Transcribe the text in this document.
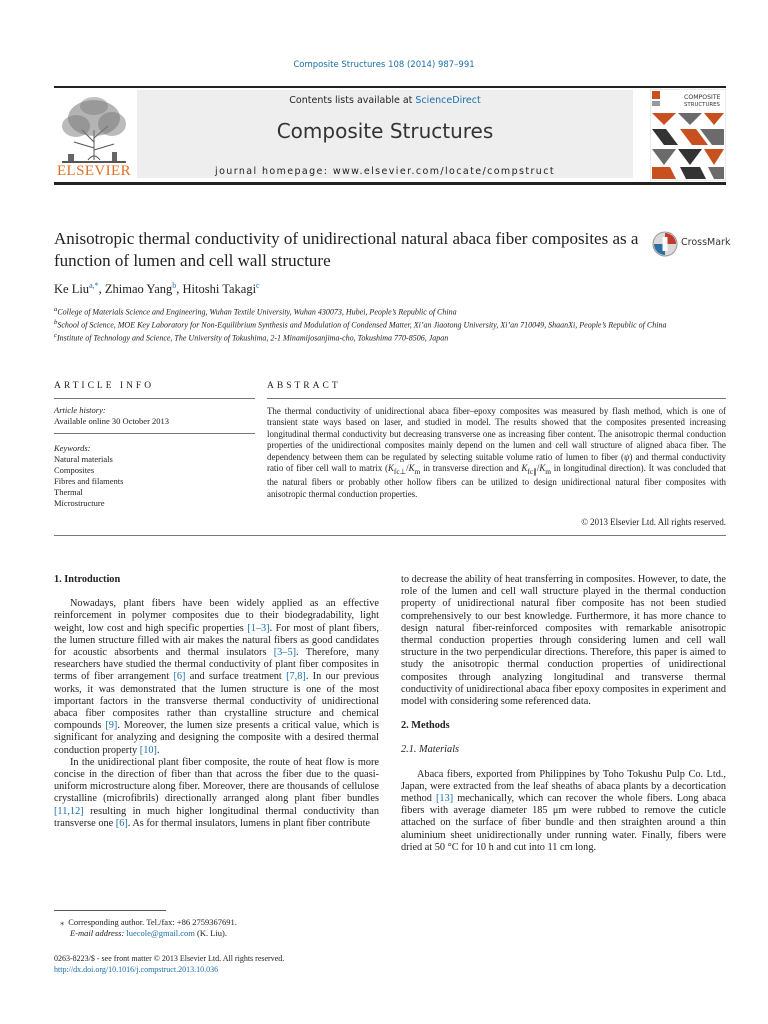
Composite Structures 108 (2014) 987–991
ELSEVIER
Contents lists available at ScienceDirect
Composite Structures
journal homepage: www.elsevier.com/locate/compstruct
COMPOSITE
STRUCTURES
Anisotropic thermal conductivity of unidirectional natural abaca fiber composites as a function of lumen and cell wall structure
CrossMark
Ke Liu$^{a,*}$, Zhimao Yang$^b$, Hitoshi Takagi$^c$
$^a$College of Materials Science and Engineering, Wuhan Textile University, Wuhan 430073, Hubei, People’s Republic of China
$^b$School of Science, MOE Key Laboratory for Non-Equilibrium Synthesis and Modulation of Condensed Matter, Xi’an Jiaotong University, Xi’an 710049, ShaanXi, People’s Republic of China
$^c$Institute of Technology and Science, The University of Tokushima, 2-1 Minamijosanjima-cho, Tokushima 770-8506, Japan
ARTICLE INFO	ABSTRACT
Article history:
Available online 30 October 2013
Keywords:
Natural materials
Composites
Fibres and filaments
Thermal
Microstructure
The thermal conductivity of unidirectional abaca fiber–epoxy composites was measured by flash method, which is one of transient state ways based on laser, and studied in model. The results showed that the composites presented increasing longitudinal thermal conductivity but decreasing transverse one as increasing fiber content. The anisotropic thermal conduction properties of the unidirectional composites mainly depend on the lumen and cell wall structure of aligned abaca fiber. The dependency between them can be regulated by selecting suitable volume ratio of lumen to fiber (ψ) and thermal conductivity ratio of fiber cell wall to matrix ($K_{fc\perp}/K_m$ in transverse direction and $K_{fc\parallel}/K_m$ in longitudinal direction). It was concluded that the natural fibers or probably other hollow fibers can be utilized to design unidirectional natural fiber composites with anisotropic thermal conduction properties.
© 2013 Elsevier Ltd. All rights reserved.
1. Introduction

Nowadays, plant fibers have been widely applied as an effective reinforcement in polymer composites due to their biodegradability, light weight, low cost and high specific properties [1–3]. For most of plant fibers, the lumen structure filled with air makes the natural fibers as good candidates for acoustic absorbents and thermal insulators [3–5]. Therefore, many researchers have studied the thermal conductivity of plant fiber composites in terms of fiber arrangement [6] and surface treatment [7,8]. In our previous works, it was demonstrated that the lumen structure is one of the most important factors in the transverse thermal conductivity of unidirectional abaca fiber composites rather than crystalline structure and chemical compounds [9]. Moreover, the lumen size presents a critical value, which is significant for analyzing and designing the composite with a desired thermal conduction property [10].

In the unidirectional plant fiber composite, the route of heat flow is more concise in the direction of fiber than that across the fiber due to the quasi-uniform microstructure along fiber. Moreover, there are thousands of cellulose crystalline (microfibrils) directionally arranged along plant fiber bundles [11,12] resulting in much higher longitudinal thermal conductivity than transverse one [6]. As for thermal insulators, lumens in plant fiber contribute

to decrease the ability of heat transferring in composites. However, to date, the role of the lumen and cell wall structure played in the thermal conduction property of unidirectional natural fiber composite has not been studied comprehensively to our best knowledge. Furthermore, it has more chance to design natural fiber-reinforced composites with remarkable anisotropic thermal conduction properties through considering lumen and cell wall structure in the two perpendicular directions. Therefore, this paper is aimed to study the anisotropic thermal conduction properties of unidirectional composites through analyzing longitudinal and transverse thermal conductivity of unidirectional abaca fiber epoxy composites in experiment and model with considering some referenced data.

2. Methods
2.1. Materials

Abaca fibers, exported from Philippines by Toho Tokushu Pulp Co. Ltd., Japan, were extracted from the leaf sheaths of abaca plants by a decortication method [13] mechanically, which can recover the whole fibers. Long abaca fibers with average diameter 185 μm were rubbed to remove the cuticle attached on the surface of fiber bundle and then straighten around a thin aluminium sheet unidirectionally under running water. Finally, fibers were dried at 50 °C for 10 h and cut into 11 cm long.

⁎ Corresponding author. Tel./fax: +86 2759367691.
E-mail address: luecole@gmail.com (K. Liu).
0263-8223/$ - see front matter © 2013 Elsevier Ltd. All rights reserved.
http://dx.doi.org/10.1016/j.compstruct.2013.10.036
